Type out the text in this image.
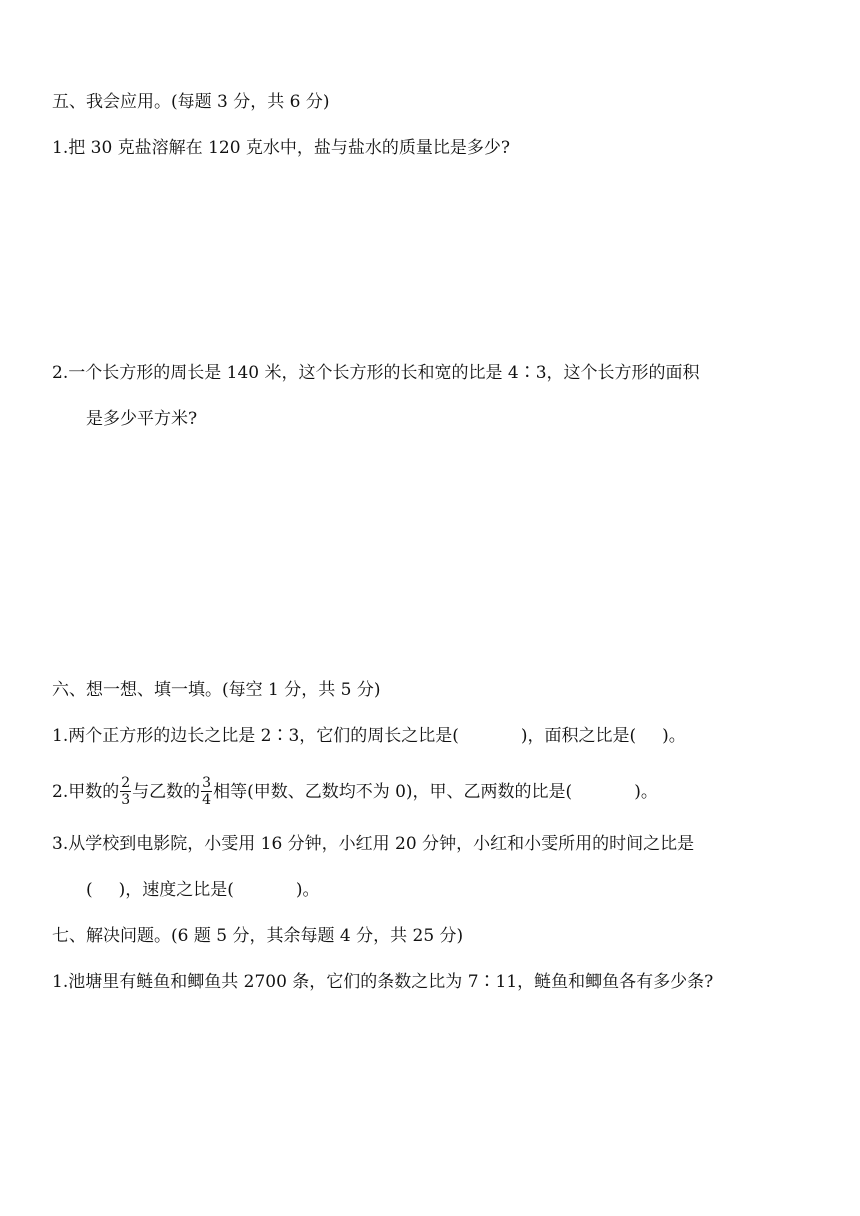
五、我会应用。(每题 3 分，共 6 分)
1.把 30 克盐溶解在 120 克水中，盐与盐水的质量比是多少?
2.一个长方形的周长是 140 米，这个长方形的长和宽的比是 4∶3，这个长方形的面积
是多少平方米?
六、想一想、填一填。(每空 1 分，共 5 分)
1.两个正方形的边长之比是 2∶3，它们的周长之比是(	)，面积之比是( )。
2.甲数的 $\frac{2}{3}$ 与乙数的 $\frac{3}{4}$ 相等(甲数、乙数均不为 0)，甲、乙两数的比是(	)。
3.从学校到电影院，小雯用 16 分钟，小红用 20 分钟，小红和小雯所用的时间之比是
( )，速度之比是(	)。
七、解决问题。(6 题 5 分，其余每题 4 分，共 25 分)
1.池塘里有鲢鱼和鲫鱼共 2700 条，它们的条数之比为 7∶11，鲢鱼和鲫鱼各有多少条?
